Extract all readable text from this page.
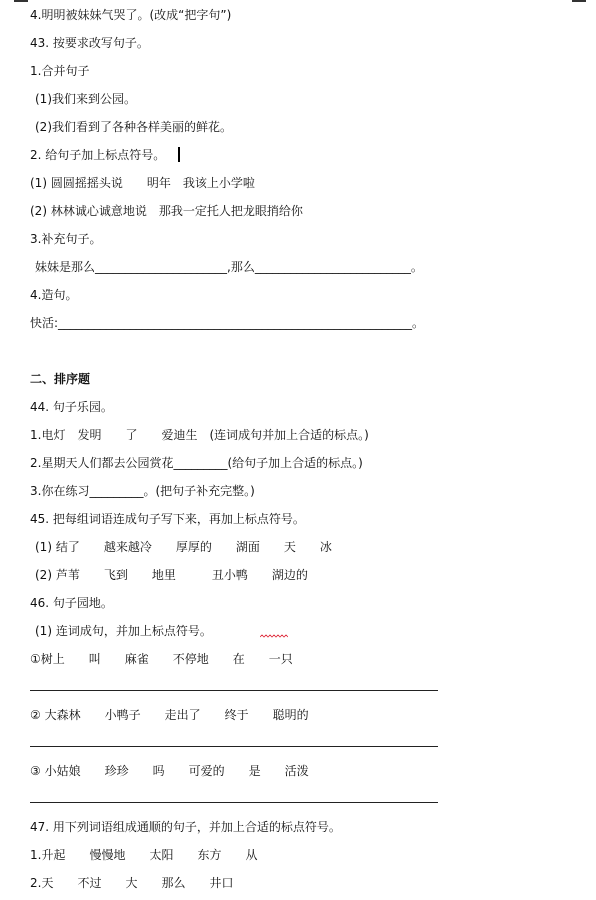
4.明明被妹妹气哭了。(改成“把字句”)
43. 按要求改写句子。
1.合并句子
(1)我们来到公园。
(2)我们看到了各种各样美丽的鲜花。
2. 给句子加上标点符号。
(1) 圆圆摇摇头说　　明年　我该上小学啦
(2) 林林诚心诚意地说　那我一定托人把龙眼捎给你
3.补充句子。
妹妹是那么______________________,那么__________________________。
4.造句。
快活:___________________________________________________________。
二、排序题
44. 句子乐园。
1.电灯　发明　　了　　爱迪生　(连词成句并加上合适的标点。)
2.星期天人们都去公园赏花_________(给句子加上合适的标点。)
3.你在练习_________。(把句子补充完整。)
45. 把每组词语连成句子写下来，再加上标点符号。
(1) 结了　　越来越冷　　厚厚的　　湖面　　天　　冰
(2) 芦苇　　飞到　　地里　　　丑小鸭　　湖边的
46. 句子园地。
(1) 连词成句，并加上标点符号。
①树上　　叫　　麻雀　　不停地　　在　　一只
② 大森林　　小鸭子　　走出了　　终于　　聪明的
③ 小姑娘　　珍珍　　吗　　可爱的　　是　　活泼
47. 用下列词语组成通顺的句子，并加上合适的标点符号。
1.升起　　慢慢地　　太阳　　东方　　从
2.天　　不过　　大　　那么　　井口
